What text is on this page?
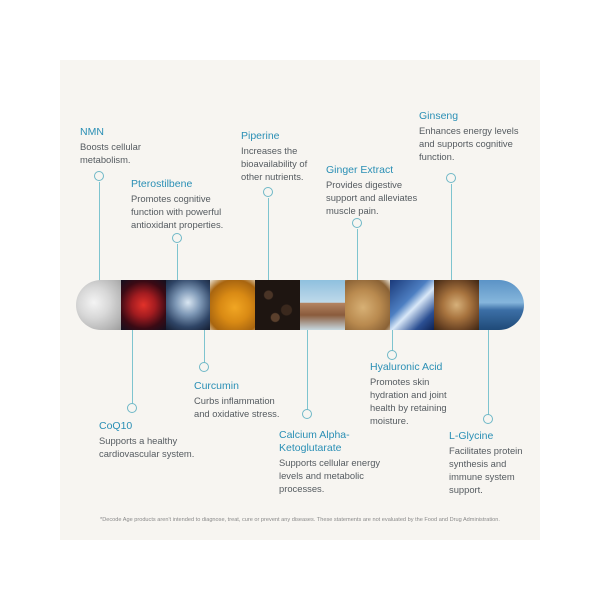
NMN
Boosts cellular metabolism.
Pterostilbene
Promotes cognitive function with powerful antioxidant properties.
Piperine
Increases the bioavailability of other nutrients.
Ginger Extract
Provides digestive support and alleviates muscle pain.
Ginseng
Enhances energy levels and supports cognitive function.
CoQ10
Supports a healthy cardiovascular system.
Curcumin
Curbs inflammation and oxidative stress.
Calcium Alpha-Ketoglutarate
Supports cellular energy levels and metabolic processes.
Hyaluronic Acid
Promotes skin hydration and joint health by retaining moisture.
L-Glycine
Facilitates protein synthesis and immune system support.
*Decode Age products aren't intended to diagnose, treat, cure or prevent any diseases. These statements are not evaluated by the Food and Drug Administration.
